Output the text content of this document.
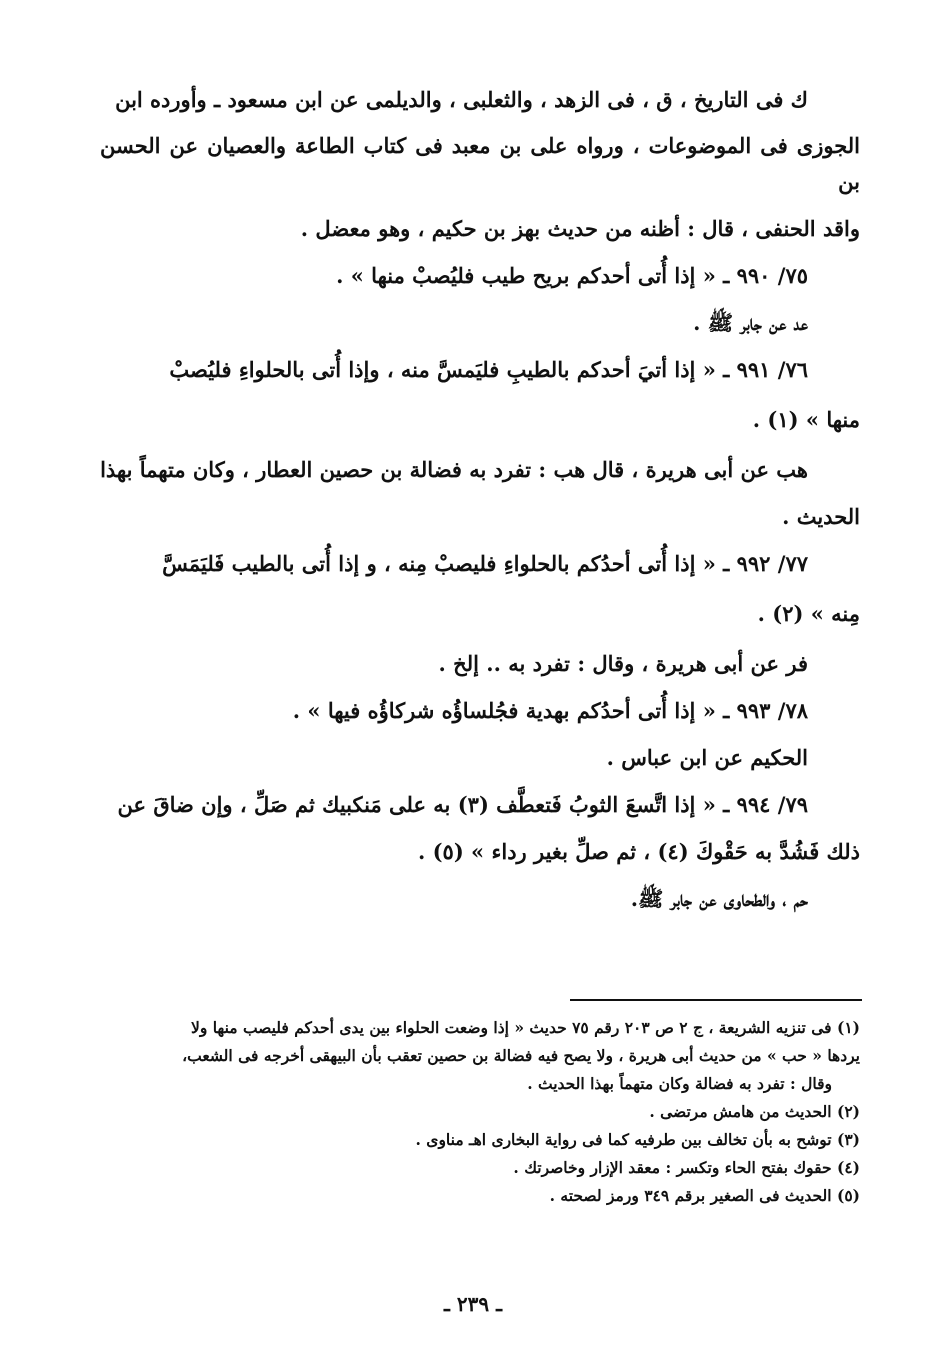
ك فى التاريخ ، ق ، فى الزهد ، والثعلبى ، والديلمى عن ابن مسعود ـ وأورده ابن

الجوزى فى الموضوعات ، ورواه على بن معبد فى كتاب الطاعة والعصيان عن الحسن بن

واقد الحنفى ، قال : أظنه من حديث بهز بن حكيم ، وهو معضل .

٧٥/ ٩٩٠ ـ « إذا أُتى أحدكم بريح طيب فليُصبْ منها » .

عد عن جابر ﷺ .

٧٦/ ٩٩١ ـ « إذا أتيَ أحدكم بالطيبِ فليَمسَّ منه ، وإذا أُتى بالحلواءِ فليُصبْ

منها » (١) .

هب عن أبى هريرة ، قال هب : تفرد به فضالة بن حصين العطار ، وكان متهماً بهذا

الحديث .

٧٧/ ٩٩٢ ـ « إذا أُتى أحدُكم بالحلواءِ فليصبْ مِنه ، و إذا أُتى بالطيب فَليَمَسَّ

مِنه » (٢) .

فر عن أبى هريرة ، وقال : تفرد به .. إلخ .

٧٨/ ٩٩٣ ـ « إذا أُتى أحدُكم بهدية فجُلساؤُه شركاؤُه فيها » .

الحكيم عن ابن عباس .

٧٩/ ٩٩٤ ـ « إذا اتَّسعَ الثوبُ فَتعطَّف (٣) به على مَنكبيك ثم صَلِّ ، وإن ضاقَ عن

ذلك فَشُدَّ به حَقْوكَ (٤) ، ثم صلِّ بغير رداء » (٥) .

حم ، والطحاوى عن جابر ﷺ.

(١) فى تنزيه الشريعة ، ج ٢ ص ٢٠٣ رقم ٧٥ حديث « إذا وضعت الحلواء بين يدى أحدكم فليصب منها ولا

يردها « حب » من حديث أبى هريرة ، ولا يصح فيه فضالة بن حصين تعقب بأن البيهقى أخرجه فى الشعب،

وقال : تفرد به فضالة وكان متهماً بهذا الحديث .

(٢) الحديث من هامش مرتضى .

(٣) توشح به بأن تخالف بين طرفيه كما فى رواية البخارى اهـ مناوى .

(٤) حقوك بفتح الحاء وتكسر : معقد الإزار وخاصرتك .

(٥) الحديث فى الصغير برقم ٣٤٩ ورمز لصحته .

ـ ٢٣٩ ـ
